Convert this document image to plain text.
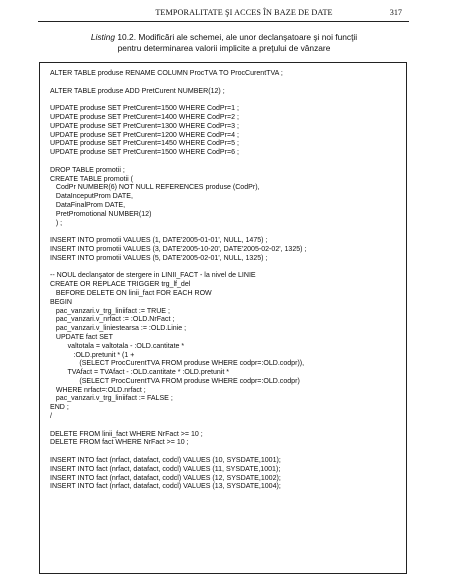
TEMPORALITATE ŞI ACCES ÎN BAZE DE DATE	317
Listing 10.2. Modificări ale schemei, ale unor declanşatoare şi noi funcţii
pentru determinarea valorii implicite a preţului de vânzare
ALTER TABLE produse RENAME COLUMN ProcTVA TO ProcCurentTVA ;
ALTER TABLE produse ADD PretCurent NUMBER(12) ;
UPDATE produse SET PretCurent=1500 WHERE CodPr=1 ;
UPDATE produse SET PretCurent=1400 WHERE CodPr=2 ;
UPDATE produse SET PretCurent=1300 WHERE CodPr=3 ;
UPDATE produse SET PretCurent=1200 WHERE CodPr=4 ;
UPDATE produse SET PretCurent=1450 WHERE CodPr=5 ;
UPDATE produse SET PretCurent=1500 WHERE CodPr=6 ;
DROP TABLE promotii ;
CREATE TABLE promotii (
CodPr NUMBER(6) NOT NULL REFERENCES produse (CodPr),
DataInceputProm DATE,
DataFinalProm DATE,
PretPromotional NUMBER(12)
) ;
INSERT INTO promotii VALUES (1, DATE'2005-01-01', NULL, 1475) ;
INSERT INTO promotii VALUES (3, DATE'2005-10-20', DATE'2005-02-02', 1325) ;
INSERT INTO promotii VALUES (5, DATE'2005-02-01', NULL, 1325) ;
-- NOUL declanşator de stergere in LINII_FACT - la nivel de LINIE
CREATE OR REPLACE TRIGGER trg_lf_del
BEFORE DELETE ON linii_fact FOR EACH ROW
BEGIN
pac_vanzari.v_trg_liniifact := TRUE ;
pac_vanzari.v_nrfact := :OLD.NrFact ;
pac_vanzari.v_liniestearsa := :OLD.Linie ;
UPDATE fact SET
valtotala = valtotala - :OLD.cantitate *
:OLD.pretunit * (1 +
(SELECT ProcCurentTVA FROM produse WHERE codpr=:OLD.codpr)),
TVAfact = TVAfact - :OLD.cantitate * :OLD.pretunit *
(SELECT ProcCurentTVA FROM produse WHERE codpr=:OLD.codpr)
WHERE nrfact=:OLD.nrfact ;
pac_vanzari.v_trg_liniifact := FALSE ;
END ;
/
DELETE FROM linii_fact WHERE NrFact >= 10 ;
DELETE FROM fact WHERE NrFact >= 10 ;
INSERT INTO fact (nrfact, datafact, codcl) VALUES (10, SYSDATE,1001);
INSERT INTO fact (nrfact, datafact, codcl) VALUES (11, SYSDATE,1001);
INSERT INTO fact (nrfact, datafact, codcl) VALUES (12, SYSDATE,1002);
INSERT INTO fact (nrfact, datafact, codcl) VALUES (13, SYSDATE,1004);
